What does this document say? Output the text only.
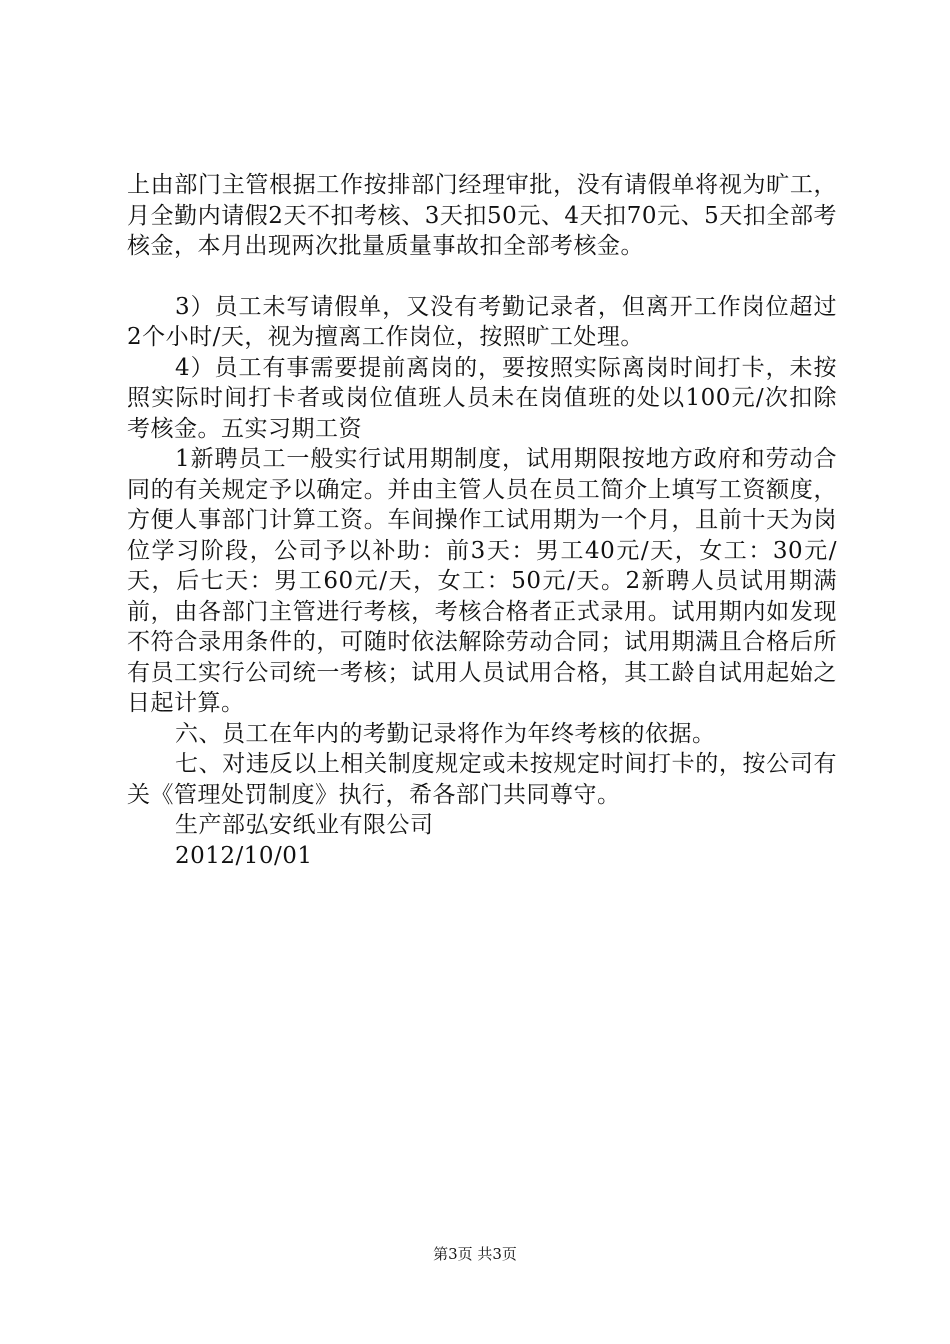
上由部门主管根据工作按排部门经理审批，没有请假单将视为旷工，月全勤内请假2天不扣考核、3天扣50元、4天扣70元、5天扣全部考核金，本月出现两次批量质量事故扣全部考核金。

3）员工未写请假单，又没有考勤记录者，但离开工作岗位超过2个小时/天，视为擅离工作岗位，按照旷工处理。

4）员工有事需要提前离岗的，要按照实际离岗时间打卡，未按照实际时间打卡者或岗位值班人员未在岗值班的处以100元/次扣除考核金。五实习期工资

1新聘员工一般实行试用期制度，试用期限按地方政府和劳动合同的有关规定予以确定。并由主管人员在员工简介上填写工资额度，方便人事部门计算工资。车间操作工试用期为一个月，且前十天为岗位学习阶段，公司予以补助：前3天：男工40元/天，女工：30元/天，后七天：男工60元/天，女工：50元/天。2新聘人员试用期满前，由各部门主管进行考核，考核合格者正式录用。试用期内如发现不符合录用条件的，可随时依法解除劳动合同；试用期满且合格后所有员工实行公司统一考核；试用人员试用合格，其工龄自试用起始之日起计算。

六、员工在年内的考勤记录将作为年终考核的依据。

七、对违反以上相关制度规定或未按规定时间打卡的，按公司有关《管理处罚制度》执行，希各部门共同尊守。

生产部弘安纸业有限公司

2012/10/01

第3页 共3页
